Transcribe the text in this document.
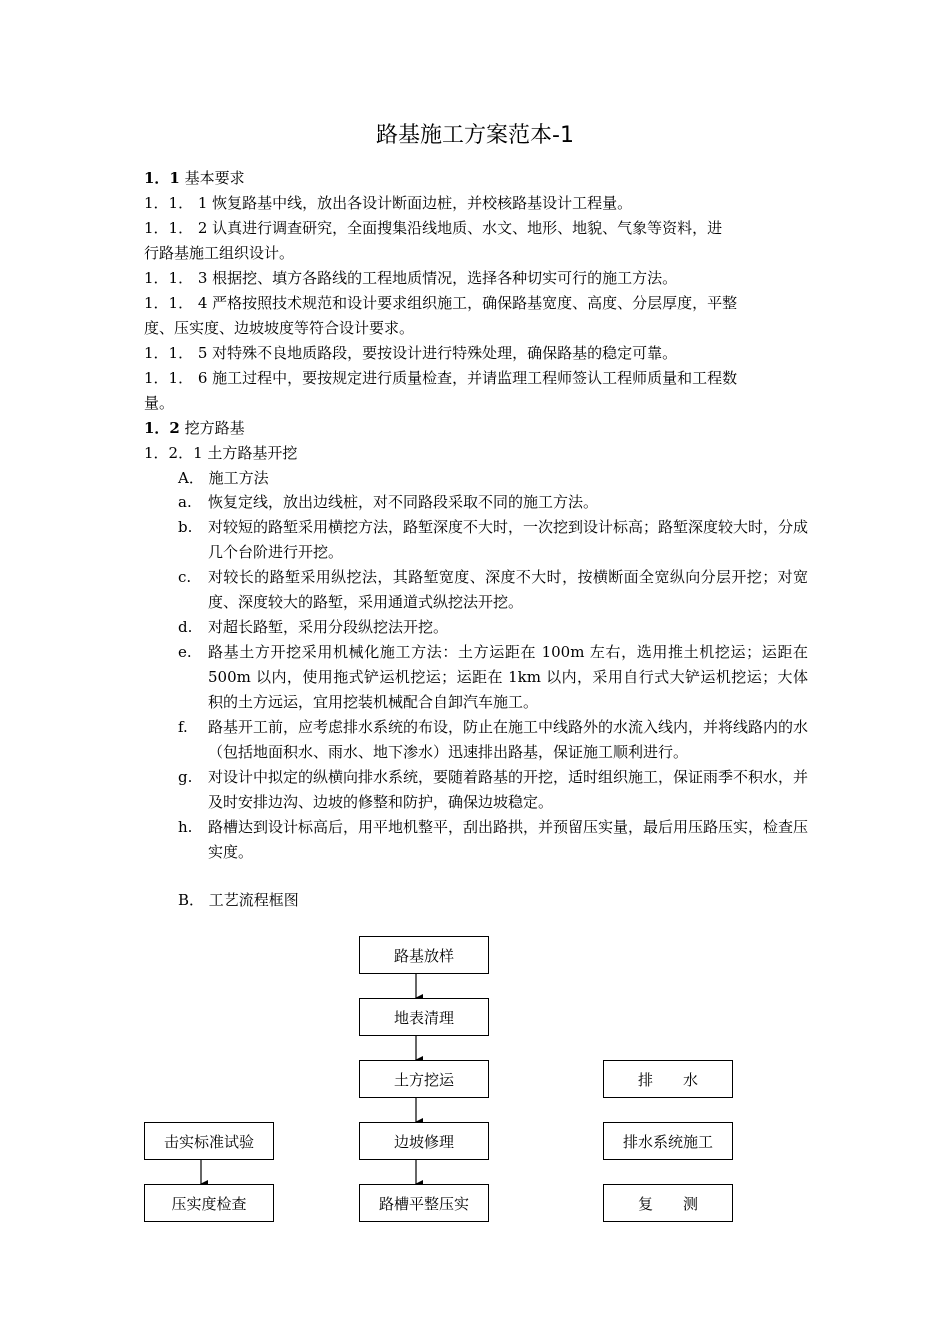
路基施工方案范本-1
1．1 基本要求
1．1． 1 恢复路基中线，放出各设计断面边桩，并校核路基设计工程量。
1．1． 2 认真进行调查研究，全面搜集沿线地质、水文、地形、地貌、气象等资料，进
行路基施工组织设计。
1．1． 3 根据挖、填方各路线的工程地质情况，选择各种切实可行的施工方法。
1．1． 4 严格按照技术规范和设计要求组织施工，确保路基宽度、高度、分层厚度，平整
度、压实度、边坡坡度等符合设计要求。
1．1． 5 对特殊不良地质路段，要按设计进行特殊处理，确保路基的稳定可靠。
1．1． 6 施工过程中，要按规定进行质量检查，并请监理工程师签认工程师质量和工程数
量。
1．2 挖方路基
1．2．1 土方路基开挖
A． 施工方法
a.	恢复定线，放出边线桩，对不同路段采取不同的施工方法。
b.	对较短的路堑采用横挖方法，路堑深度不大时，一次挖到设计标高；路堑深度较大时，分成几个台阶进行开挖。
c.	对较长的路堑采用纵挖法，其路堑宽度、深度不大时，按横断面全宽纵向分层开挖；对宽度、深度较大的路堑，采用通道式纵挖法开挖。
d.	对超长路堑，采用分段纵挖法开挖。
e.	路基土方开挖采用机械化施工方法：土方运距在 100m 左右，选用推土机挖运；运距在 500m 以内，使用拖式铲运机挖运；运距在 1km 以内，采用自行式大铲运机挖运；大体积的土方远运，宜用挖装机械配合自卸汽车施工。
f.	路基开工前，应考虑排水系统的布设，防止在施工中线路外的水流入线内，并将线路内的水（包括地面积水、雨水、地下渗水）迅速排出路基，保证施工顺利进行。
g.	对设计中拟定的纵横向排水系统，要随着路基的开挖，适时组织施工，保证雨季不积水，并及时安排边沟、边坡的修整和防护，确保边坡稳定。
h.	路槽达到设计标高后，用平地机整平，刮出路拱，并预留压实量，最后用压路压实，检查压实度。
B． 工艺流程框图
路基放样
地表清理
土方挖运
边坡修理
路槽平整压实
击实标准试验
压实度检查
排　　水
排水系统施工
复　　测
